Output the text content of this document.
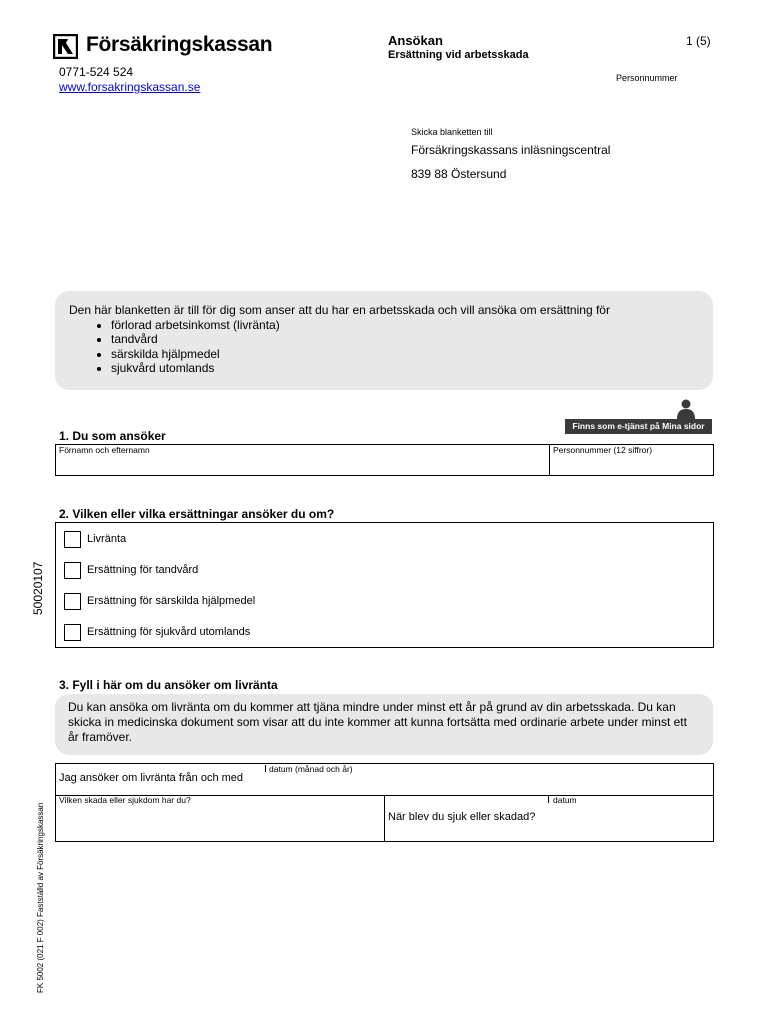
Försäkringskassan
0771-524 524
www.forsakringskassan.se
Ansökan
Ersättning vid arbetsskada
1 (5)
Personnummer
Skicka blanketten till
Försäkringskassans inläsningscentral
839 88 Östersund
Den här blanketten är till för dig som anser att du har en arbetsskada och vill ansöka om ersättning för
• förlorad arbetsinkomst (livränta)
• tandvård
• särskilda hjälpmedel
• sjukvård utomlands
Finns som e-tjänst på Mina sidor
1. Du som ansöker
Förnamn och efternamn	Personnummer (12 siffror)
2. Vilken eller vilka ersättningar ansöker du om?
Livränta
Ersättning för tandvård
Ersättning för särskilda hjälpmedel
Ersättning för sjukvård utomlands
3. Fyll i här om du ansöker om livränta
Du kan ansöka om livränta om du kommer att tjäna mindre under minst ett år på grund av din arbetsskada. Du kan skicka in medicinska dokument som visar att du inte kommer att kunna fortsätta med ordinarie arbete under minst ett år framöver.
Jag ansöker om livränta från och med
datum (månad och år)
Vilken skada eller sjukdom har du?
När blev du sjuk eller skadad?
datum
50020107
FK 5002 (021 F 002) Fastställd av Försäkringskassan
